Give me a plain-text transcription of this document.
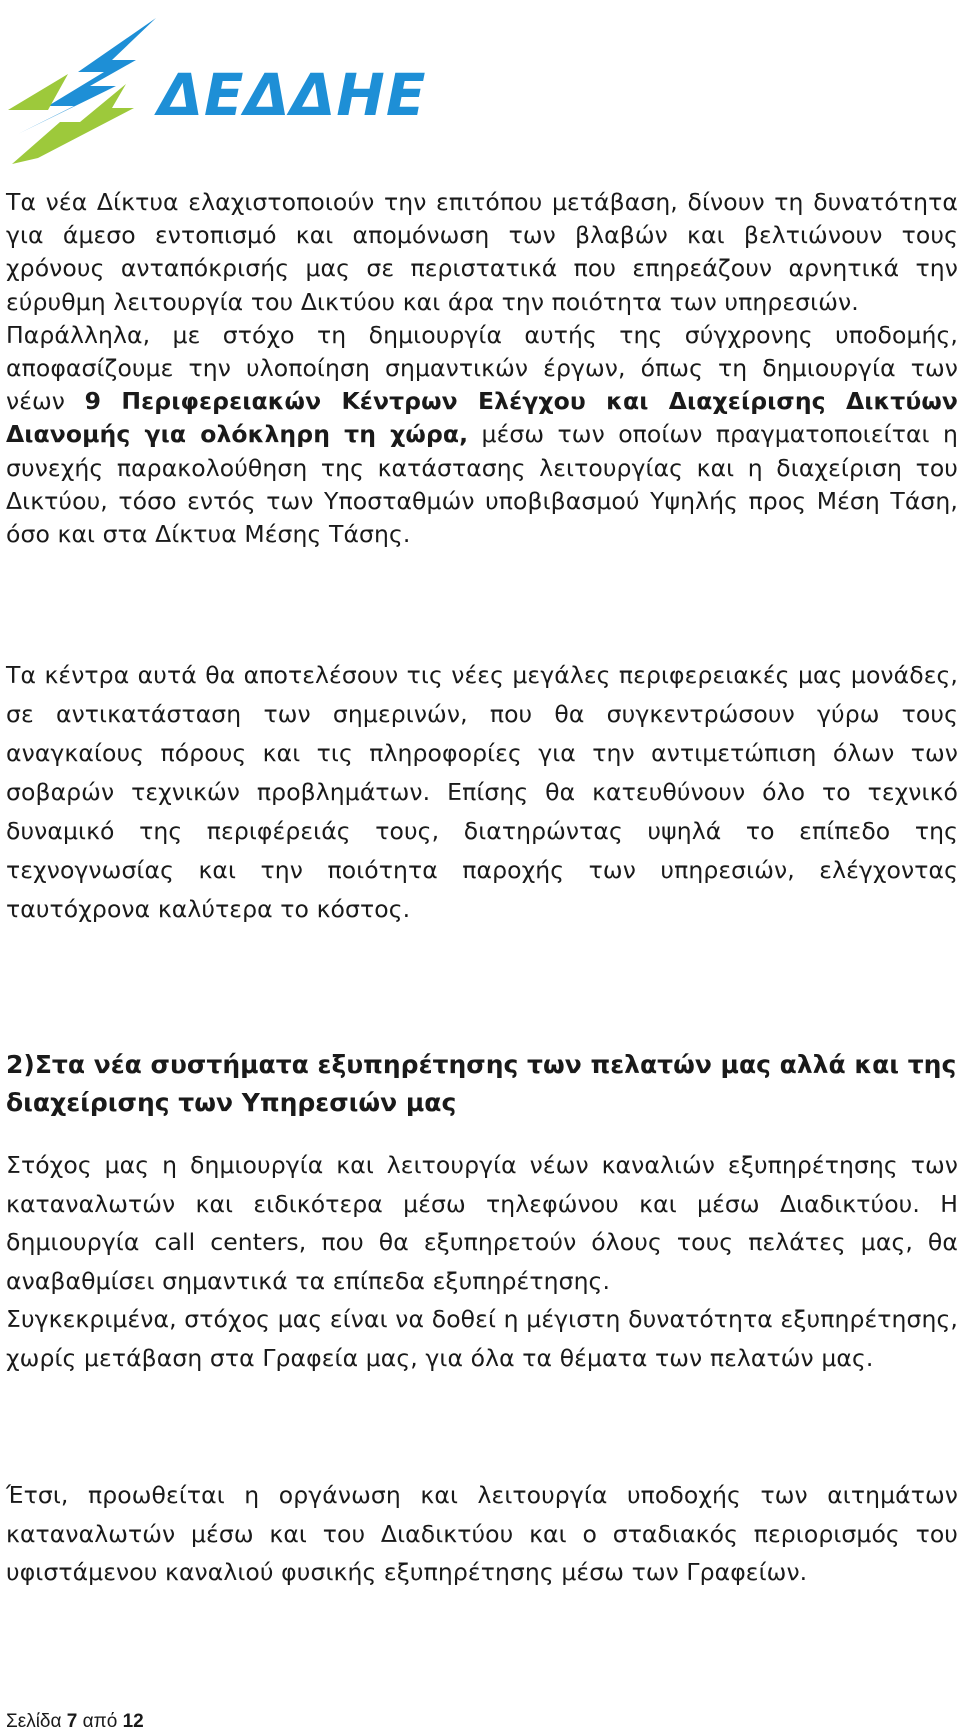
ΔΕΔΔΗΕ

Τα νέα Δίκτυα ελαχιστοποιούν την επιτόπου μετάβαση, δίνουν τη δυνατότητα για άμεσο εντοπισμό και απομόνωση των βλαβών και βελτιώνουν τους χρόνους ανταπόκρισής μας σε περιστατικά που επηρεάζουν αρνητικά την εύρυθμη λειτουργία του Δικτύου και άρα την ποιότητα των υπηρεσιών.

Παράλληλα, με στόχο τη δημιουργία αυτής της σύγχρονης υποδομής, αποφασίζουμε την υλοποίηση σημαντικών έργων, όπως τη δημιουργία των νέων 9 Περιφερειακών Κέντρων Ελέγχου και Διαχείρισης Δικτύων Διανομής για ολόκληρη τη χώρα, μέσω των οποίων πραγματοποιείται η συνεχής παρακολούθηση της κατάστασης λειτουργίας και η διαχείριση του Δικτύου, τόσο εντός των Υποσταθμών υποβιβασμού Υψηλής προς Μέση Τάση, όσο και στα Δίκτυα Μέσης Τάσης.

Τα κέντρα αυτά θα αποτελέσουν τις νέες μεγάλες περιφερειακές μας μονάδες, σε αντικατάσταση των σημερινών, που θα συγκεντρώσουν γύρω τους αναγκαίους πόρους και τις πληροφορίες για την αντιμετώπιση όλων των σοβαρών τεχνικών προβλημάτων. Επίσης θα κατευθύνουν όλο το τεχνικό δυναμικό της περιφέρειάς τους, διατηρώντας υψηλά το επίπεδο της τεχνογνωσίας και την ποιότητα παροχής των υπηρεσιών, ελέγχοντας ταυτόχρονα καλύτερα το κόστος.

2)Στα νέα συστήματα εξυπηρέτησης των πελατών μας αλλά και της διαχείρισης των Υπηρεσιών μας

Στόχος μας η δημιουργία και λειτουργία νέων καναλιών εξυπηρέτησης των καταναλωτών και ειδικότερα μέσω τηλεφώνου και μέσω Διαδικτύου. Η δημιουργία call centers, που θα εξυπηρετούν όλους τους πελάτες μας, θα αναβαθμίσει σημαντικά τα επίπεδα εξυπηρέτησης.

Συγκεκριμένα, στόχος μας είναι να δοθεί η μέγιστη δυνατότητα εξυπηρέτησης, χωρίς μετάβαση στα Γραφεία μας, για όλα τα θέματα των πελατών μας.

Έτσι, προωθείται η οργάνωση και λειτουργία υποδοχής των αιτημάτων καταναλωτών μέσω και του Διαδικτύου και ο σταδιακός περιορισμός του υφιστάμενου καναλιού φυσικής εξυπηρέτησης μέσω των Γραφείων.

Σελίδα 7 από 12
